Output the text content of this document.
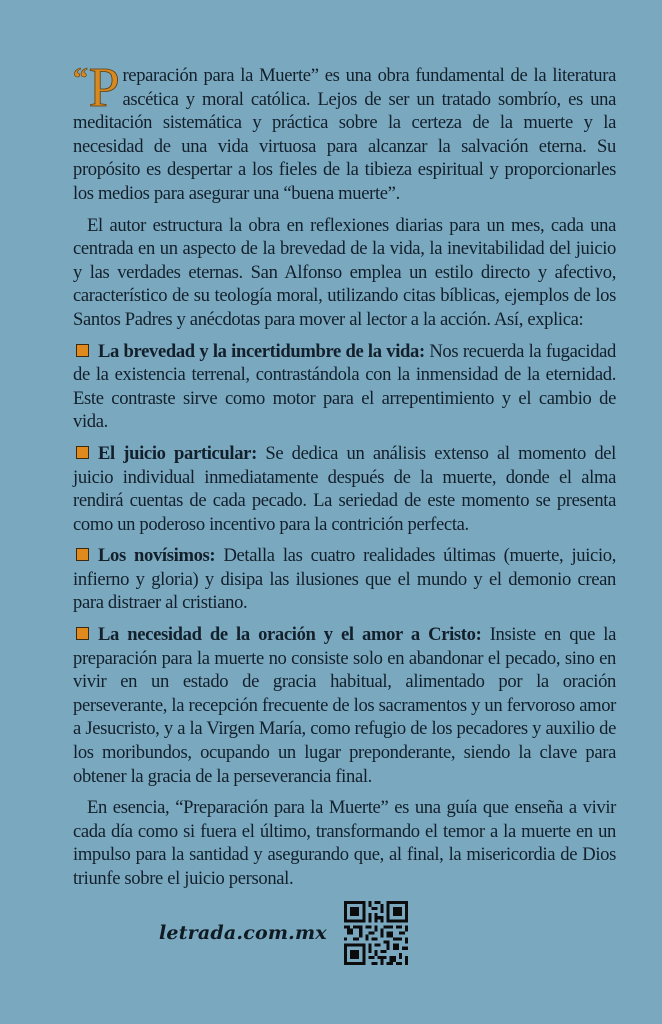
“ P reparación para la Muerte” es una obra fundamental de la literatura ascética y moral católica. Lejos de ser un tratado sombrío, es una meditación sistemática y práctica sobre la certeza de la muerte y la necesidad de una vida virtuosa para alcanzar la salvación eterna. Su propósito es despertar a los fieles de la tibieza espiritual y proporcionarles los medios para asegurar una “buena muerte”.

El autor estructura la obra en reflexiones diarias para un mes, cada una centrada en un aspecto de la brevedad de la vida, la inevitabilidad del juicio y las verdades eternas. San Alfonso emplea un estilo directo y afectivo, característico de su teología moral, utilizando citas bíblicas, ejemplos de los Santos Padres y anécdotas para mover al lector a la acción. Así, explica:

La brevedad y la incertidumbre de la vida: Nos recuerda la fugacidad de la existencia terrenal, contrastándola con la inmensidad de la eternidad. Este contraste sirve como motor para el arrepentimiento y el cambio de vida.

El juicio particular: Se dedica un análisis extenso al momento del juicio individual inmediatamente después de la muerte, donde el alma rendirá cuentas de cada pecado. La seriedad de este momento se presenta como un poderoso incentivo para la contrición perfecta.

Los novísimos: Detalla las cuatro realidades últimas (muerte, juicio, infierno y gloria) y disipa las ilusiones que el mundo y el demonio crean para distraer al cristiano.

La necesidad de la oración y el amor a Cristo: Insiste en que la preparación para la muerte no consiste solo en abandonar el pecado, sino en vivir en un estado de gracia habitual, alimentado por la oración perseverante, la recepción frecuente de los sacramentos y un fervoroso amor a Jesucristo, y a la Virgen María, como refugio de los pecadores y auxilio de los moribundos, ocupando un lugar preponderante, siendo la clave para obtener la gracia de la perseverancia final.

En esencia, “Preparación para la Muerte” es una guía que enseña a vivir cada día como si fuera el último, transformando el temor a la muerte en un impulso para la santidad y asegurando que, al final, la misericordia de Dios triunfe sobre el juicio personal.

letrada.com.mx
